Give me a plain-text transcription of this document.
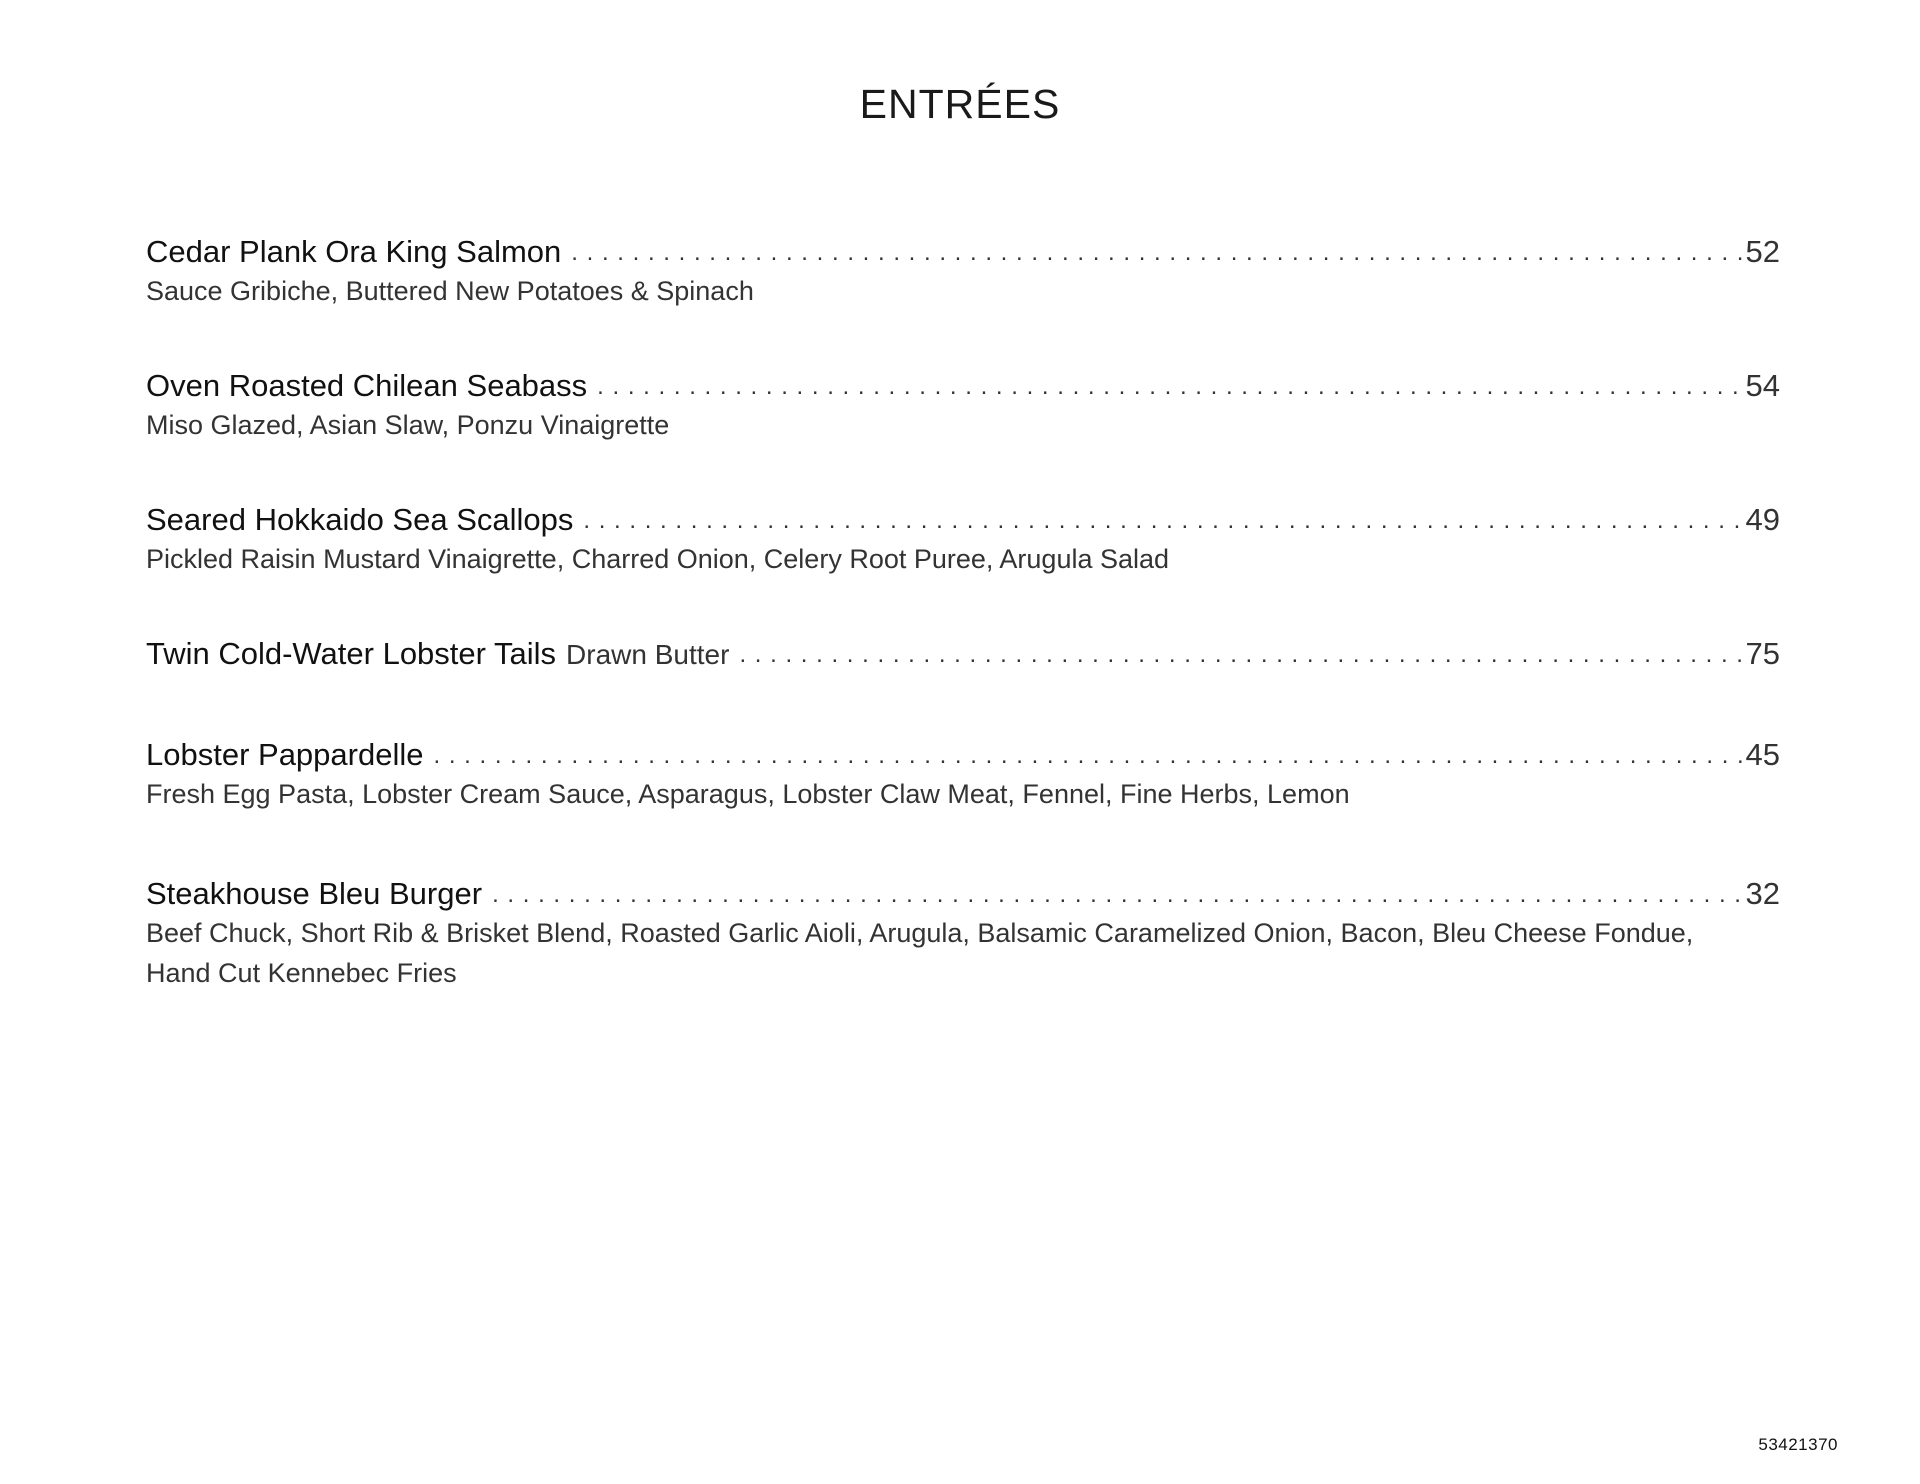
ENTRÉES
Cedar Plank Ora King Salmon . . .	52
Sauce Gribiche, Buttered New Potatoes & Spinach
Oven Roasted Chilean Seabass . . .	54
Miso Glazed, Asian Slaw, Ponzu Vinaigrette
Seared Hokkaido Sea Scallops . . .	49
Pickled Raisin Mustard Vinaigrette, Charred Onion, Celery Root Puree, Arugula Salad
Twin Cold-Water Lobster Tails Drawn Butter . . .	75
Lobster Pappardelle . . .	45
Fresh Egg Pasta, Lobster Cream Sauce, Asparagus, Lobster Claw Meat, Fennel, Fine Herbs, Lemon
Steakhouse Bleu Burger . . .	32
Beef Chuck, Short Rib & Brisket Blend, Roasted Garlic Aioli, Arugula, Balsamic Caramelized Onion, Bacon, Bleu Cheese Fondue, Hand Cut Kennebec Fries
53421370
